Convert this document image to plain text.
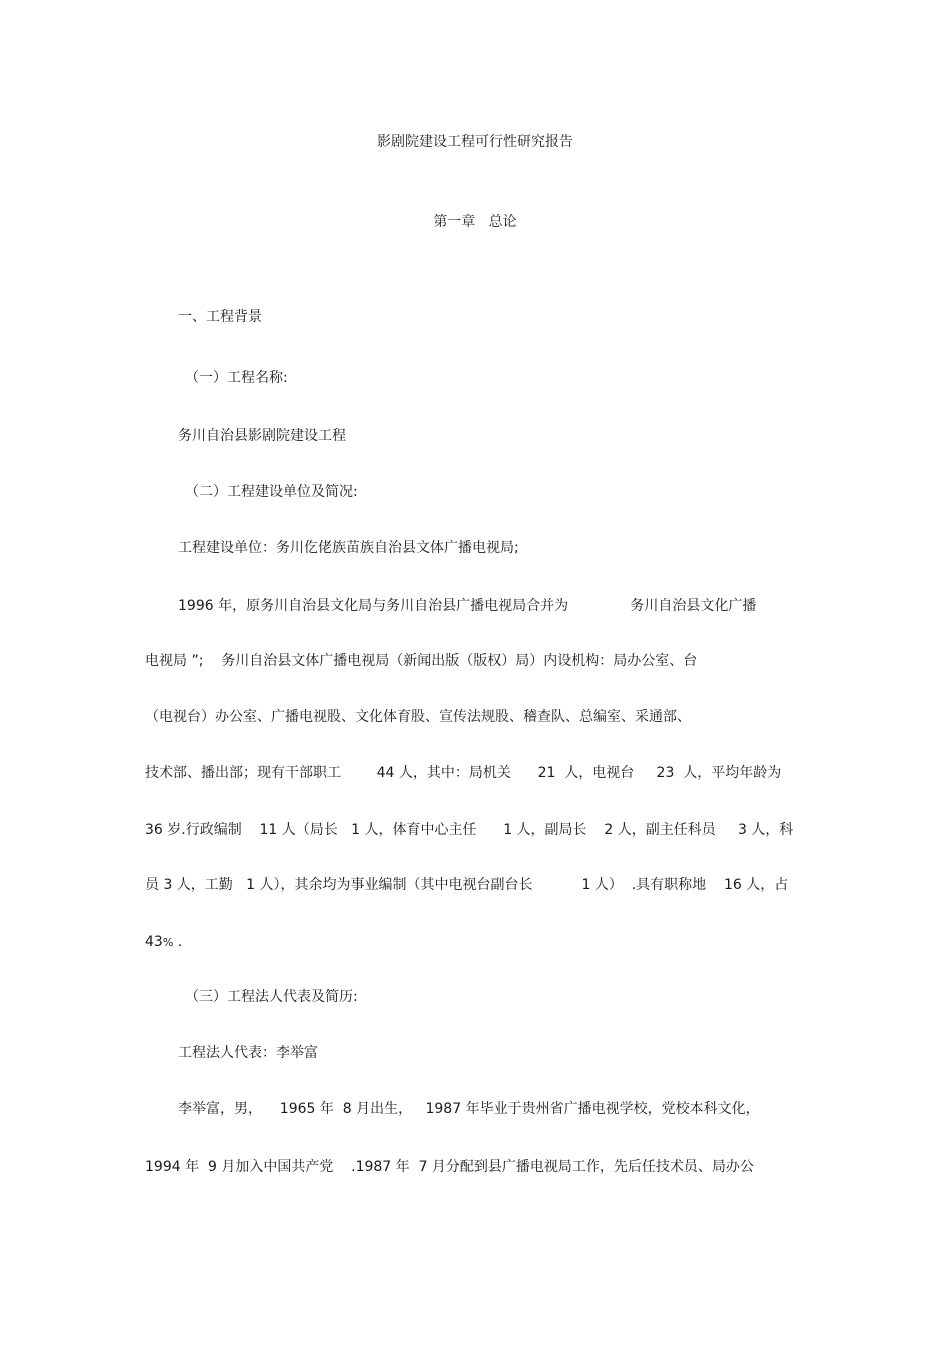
影剧院建设工程可行性研究报告

第一章   总论

一、工程背景

（一）工程名称:

务川自治县影剧院建设工程

（二）工程建设单位及简况:

工程建设单位：务川仡佬族苗族自治县文体广播电视局;

1996 年，原务川自治县文化局与务川自治县广播电视局合并为              务川自治县文化广播

电视局 ”;    务川自治县文体广播电视局（新闻出版（版权）局）内设机构：局办公室、台

（电视台）办公室、广播电视股、文化体育股、宣传法规股、稽查队、总编室、采通部、

技术部、播出部；现有干部职工        44 人，其中：局机关      21  人，电视台     23  人，平均年龄为

36 岁.行政编制    11 人（局长   1 人，体育中心主任      1 人，副局长    2 人，副主任科员     3 人，科

员 3 人，工勤   1 人），其余均为事业编制（其中电视台副台长           1 人）  .具有职称地    16 人，占

43% .

（三）工程法人代表及简历:

工程法人代表：李举富

李举富，男，    1965 年  8 月出生，   1987 年毕业于贵州省广播电视学校，党校本科文化，

1994 年  9 月加入中国共产党    .1987 年  7 月分配到县广播电视局工作，先后任技术员、局办公
